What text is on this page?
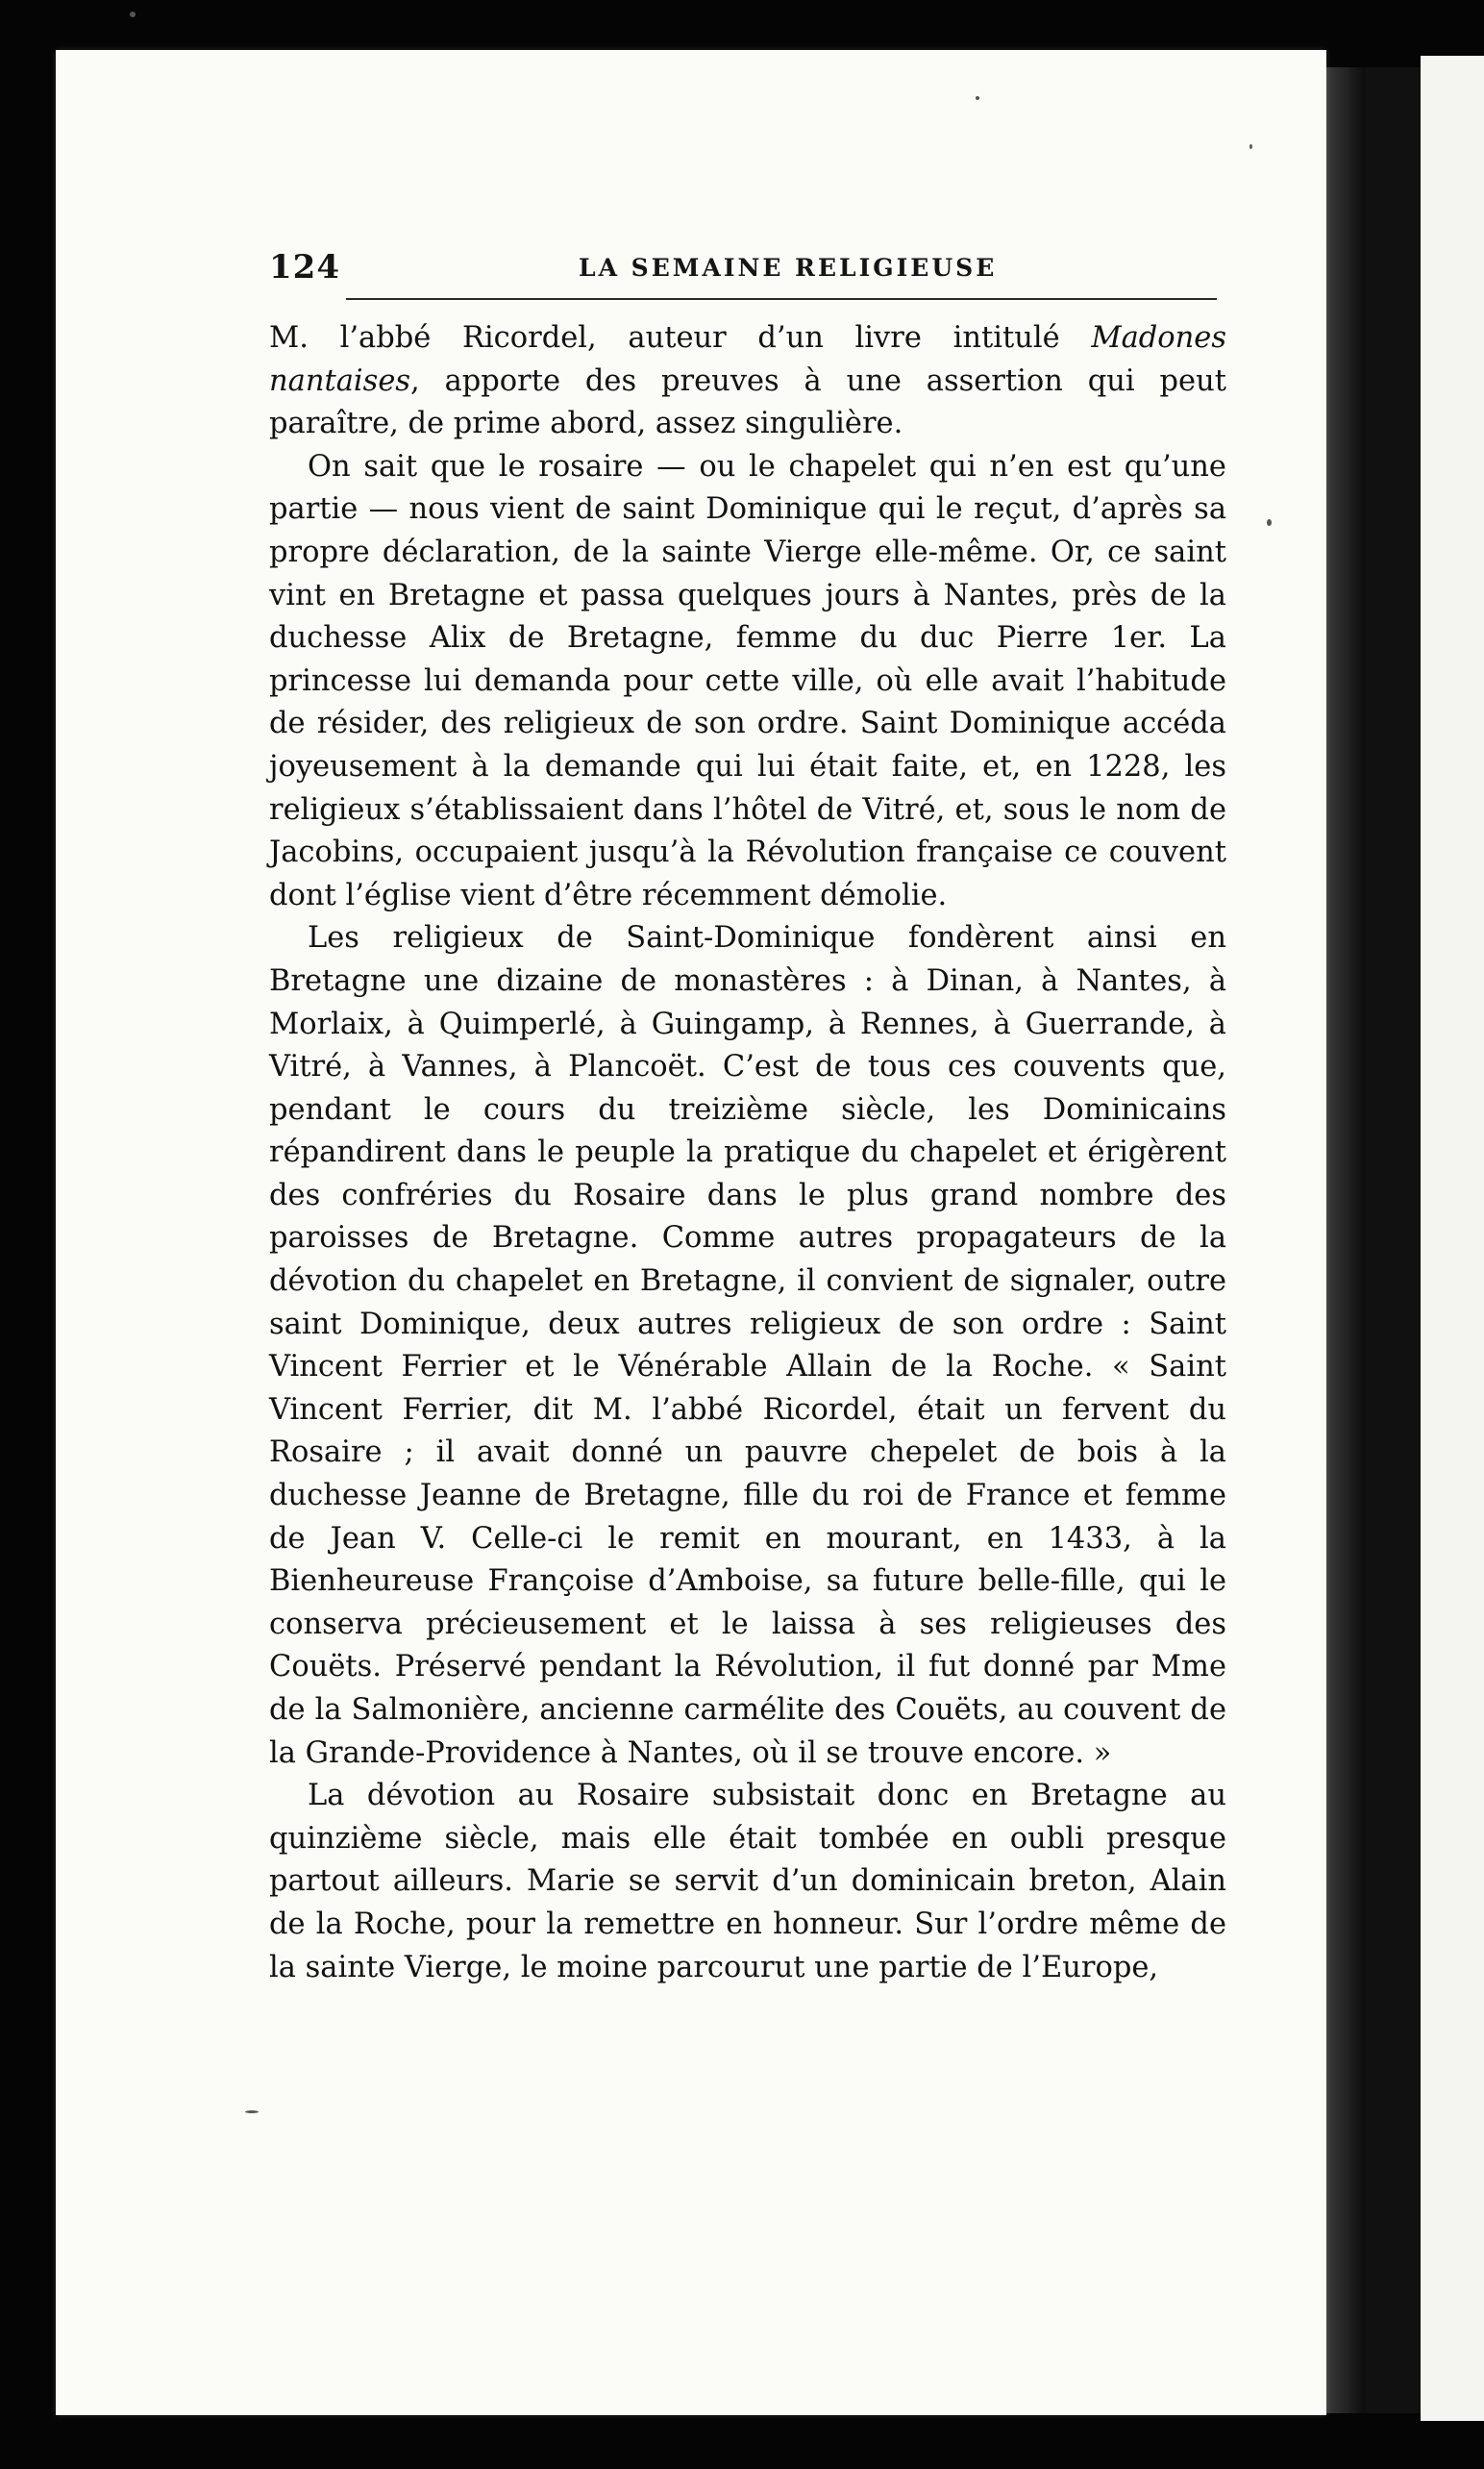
124	LA SEMAINE RELIGIEUSE

M. l’abbé Ricordel, auteur d’un livre intitulé Madones nantaises, apporte des preuves à une assertion qui peut paraître, de prime abord, assez singulière.

On sait que le rosaire — ou le chapelet qui n’en est qu’une partie — nous vient de saint Dominique qui le reçut, d’après sa propre déclaration, de la sainte Vierge elle-même. Or, ce saint vint en Bretagne et passa quelques jours à Nantes, près de la duchesse Alix de Bretagne, femme du duc Pierre 1er. La princesse lui demanda pour cette ville, où elle avait l’habitude de résider, des religieux de son ordre. Saint Dominique accéda joyeusement à la demande qui lui était faite, et, en 1228, les religieux s’établissaient dans l’hôtel de Vitré, et, sous le nom de Jacobins, occupaient jusqu’à la Révolution française ce couvent dont l’église vient d’être récemment démolie.

Les religieux de Saint-Dominique fondèrent ainsi en Bretagne une dizaine de monastères : à Dinan, à Nantes, à Morlaix, à Quimperlé, à Guingamp, à Rennes, à Guerrande, à Vitré, à Vannes, à Plancoët. C’est de tous ces couvents que, pendant le cours du treizième siècle, les Dominicains répandirent dans le peuple la pratique du chapelet et érigèrent des confréries du Rosaire dans le plus grand nombre des paroisses de Bretagne. Comme autres propagateurs de la dévotion du chapelet en Bretagne, il convient de signaler, outre saint Dominique, deux autres religieux de son ordre : Saint Vincent Ferrier et le Vénérable Allain de la Roche. « Saint Vincent Ferrier, dit M. l’abbé Ricordel, était un fervent du Rosaire ; il avait donné un pauvre chepelet de bois à la duchesse Jeanne de Bretagne, fille du roi de France et femme de Jean V. Celle-ci le remit en mourant, en 1433, à la Bienheureuse Françoise d’Amboise, sa future belle-fille, qui le conserva précieusement et le laissa à ses religieuses des Couëts. Préservé pendant la Révolution, il fut donné par Mme de la Salmonière, ancienne carmélite des Couëts, au couvent de la Grande-Providence à Nantes, où il se trouve encore. »

La dévotion au Rosaire subsistait donc en Bretagne au quinzième siècle, mais elle était tombée en oubli presque partout ailleurs. Marie se servit d’un dominicain breton, Alain de la Roche, pour la remettre en honneur. Sur l’ordre même de la sainte Vierge, le moine parcourut une partie de l’Europe,
